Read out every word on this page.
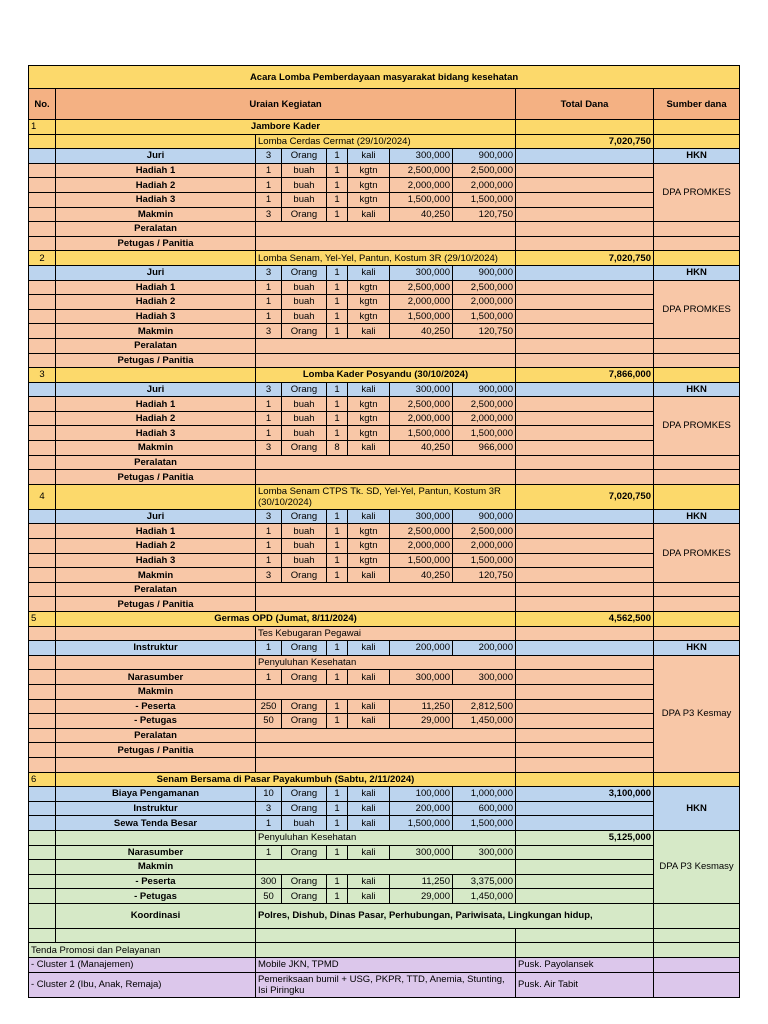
Acara Lomba Pemberdayaan masyarakat bidang kesehatan									
No.	Uraian Kegiatan							Total Dana	Sumber dana
1	Jambore Kader								
		Lomba Cerdas Cermat (29/10/2024)						7,020,750	
	Juri	3	Orang	1	kali	300,000	900,000		HKN
	Hadiah 1	1	buah	1	kgtn	2,500,000	2,500,000		DPA PROMKES
	Hadiah 2	1	buah	1	kgtn	2,000,000	2,000,000		
	Hadiah 3	1	buah	1	kgtn	1,500,000	1,500,000		
	Makmin	3	Orang	1	kali	40,250	120,750		
	Peralatan								
	Petugas / Panitia								
2		Lomba Senam, Yel-Yel, Pantun, Kostum 3R (29/10/2024)						7,020,750	
	Juri	3	Orang	1	kali	300,000	900,000		HKN
	Hadiah 1	1	buah	1	kgtn	2,500,000	2,500,000		DPA PROMKES
	Hadiah 2	1	buah	1	kgtn	2,000,000	2,000,000		
	Hadiah 3	1	buah	1	kgtn	1,500,000	1,500,000		
	Makmin	3	Orang	1	kali	40,250	120,750		
	Peralatan								
	Petugas / Panitia								
3		Lomba Kader Posyandu (30/10/2024)						7,866,000	
	Juri	3	Orang	1	kali	300,000	900,000		HKN
	Hadiah 1	1	buah	1	kgtn	2,500,000	2,500,000		DPA PROMKES
	Hadiah 2	1	buah	1	kgtn	2,000,000	2,000,000		
	Hadiah 3	1	buah	1	kgtn	1,500,000	1,500,000		
	Makmin	3	Orang	8	kali	40,250	966,000		
	Peralatan								
	Petugas / Panitia								
4		Lomba Senam CTPS Tk. SD, Yel-Yel, Pantun, Kostum 3R (30/10/2024)						7,020,750	
	Juri	3	Orang	1	kali	300,000	900,000		HKN
	Hadiah 1	1	buah	1	kgtn	2,500,000	2,500,000		DPA PROMKES
	Hadiah 2	1	buah	1	kgtn	2,000,000	2,000,000		
	Hadiah 3	1	buah	1	kgtn	1,500,000	1,500,000		
	Makmin	3	Orang	1	kali	40,250	120,750		
	Peralatan								
	Petugas / Panitia								
5	Germas OPD (Jumat, 8/11/2024)							4,562,500	
		Tes Kebugaran Pegawai							
	Instruktur	1	Orang	1	kali	200,000	200,000		HKN
		Penyuluhan Kesehatan							DPA P3 Kesmay
	Narasumber	1	Orang	1	kali	300,000	300,000		
	Makmin								
	- Peserta	250	Orang	1	kali	11,250	2,812,500		
	- Petugas	50	Orang	1	kali	29,000	1,450,000		
	Peralatan								
	Petugas / Panitia								

6	Senam Bersama di Pasar Payakumbuh (Sabtu, 2/11/2024)								
	Biaya Pengamanan	10	Orang	1	kali	100,000	1,000,000	3,100,000	HKN
	Instruktur	3	Orang	1	kali	200,000	600,000		
	Sewa Tenda Besar	1	buah	1	kali	1,500,000	1,500,000		
		Penyuluhan Kesehatan						5,125,000	DPA P3 Kesmasy
	Narasumber	1	Orang	1	kali	300,000	300,000		
	Makmin								
	- Peserta	300	Orang	1	kali	11,250	3,375,000		
	- Petugas	50	Orang	1	kali	29,000	1,450,000		
	Koordinasi	Polres, Dishub, Dinas Pasar, Perhubungan, Pariwisata, Lingkungan hidup,							

Tenda Promosi dan Pelayanan									
- Cluster 1 (Manajemen)		Mobile JKN, TPMD						Pusk. Payolansek	
- Cluster 2 (Ibu, Anak, Remaja)		Pemeriksaan bumil + USG, PKPR, TTD, Anemia, Stunting, Isi Piringku						Pusk. Air Tabit	
